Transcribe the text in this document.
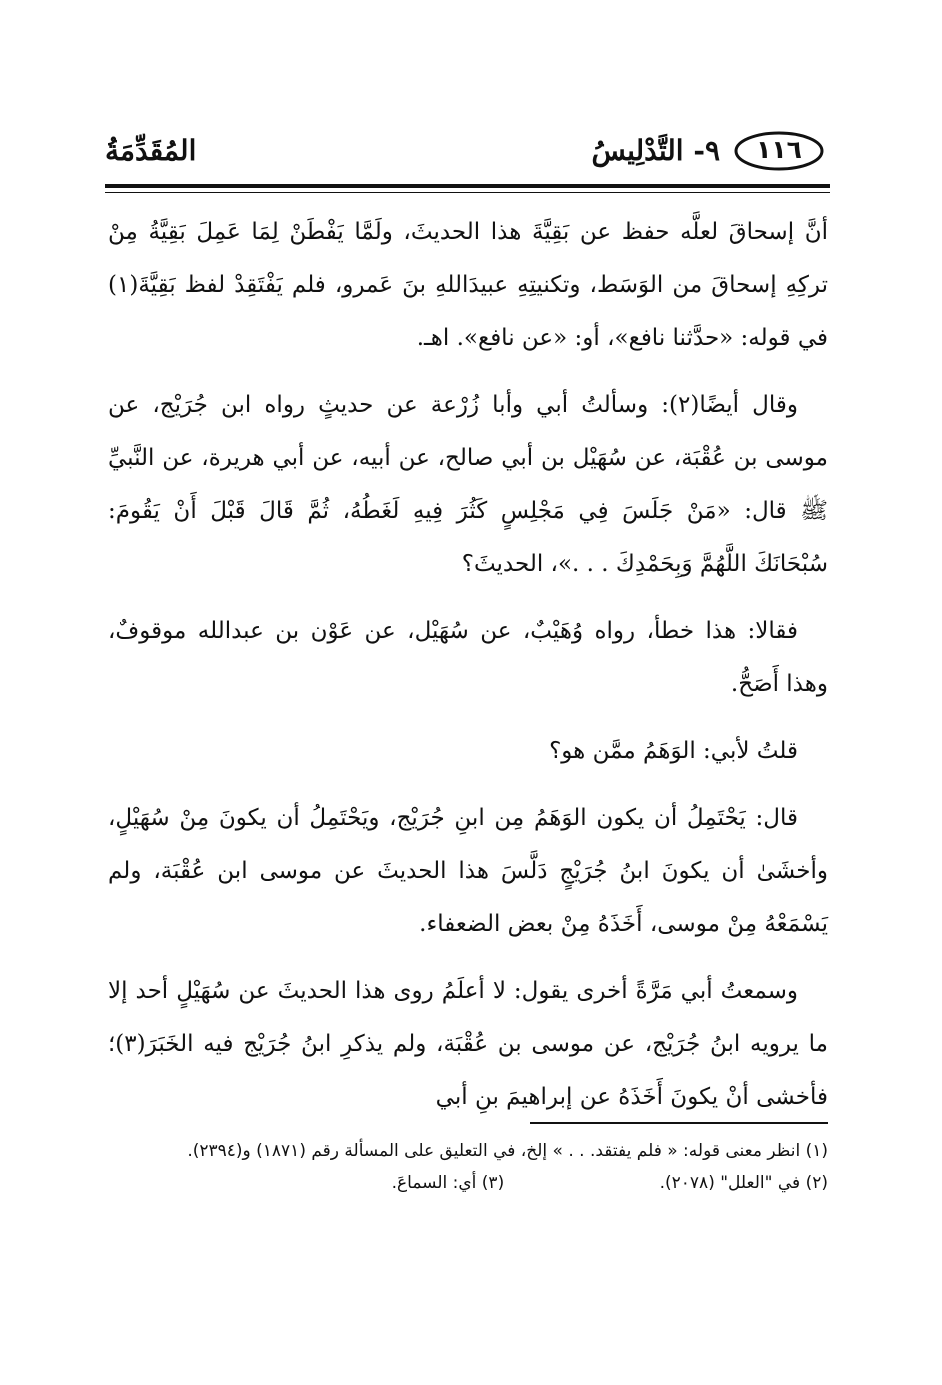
١١٦
٩- التَّدْلِيسُ
المُقَدِّمَةُ

أنَّ إسحاقَ لعلَّه حفظ عن بَقِيَّةَ هذا الحديثَ، ولَمَّا يَفْطَنْ لِمَا عَمِلَ بَقِيَّةُ مِنْ تركِهِ إسحاقَ من الوَسَط، وتكنيتِهِ عبيدَاللهِ بنَ عَمرو، فلم يَفْتَقِدْ لفظ بَقِيَّةَ(١) في قوله: «حدَّثنا نافع»، أو: «عن نافع». اهـ.

وقال أيضًا(٢): وسألتُ أبي وأبا زُرْعة عن حديثٍ رواه ابن جُرَيْج، عن موسى بن عُقْبَة، عن سُهَيْل بن أبي صالح، عن أبيه، عن أبي هريرة، عن النَّبيِّ ﷺ قال: «مَنْ جَلَسَ فِي مَجْلِسٍ كَثُرَ فِيهِ لَغَطُهُ، ثُمَّ قَالَ قَبْلَ أَنْ يَقُومَ: سُبْحَانَكَ اللَّهُمَّ وَبِحَمْدِكَ . . .»، الحديثَ؟

فقالا: هذا خطأ، رواه وُهَيْبٌ، عن سُهَيْل، عن عَوْن بن عبدالله موقوفٌ، وهذا أَصَحُّ.

قلتُ لأبي: الوَهَمُ ممَّن هو؟

قال: يَحْتَمِلُ أن يكون الوَهَمُ مِن ابنِ جُرَيْج، ويَحْتَمِلُ أن يكونَ مِنْ سُهَيْلٍ، وأخشَىٰ أن يكونَ ابنُ جُرَيْجٍ دَلَّسَ هذا الحديثَ عن موسى ابن عُقْبَة، ولم يَسْمَعْهُ مِنْ موسى، أَخَذَهُ مِنْ بعض الضعفاء.

وسمعتُ أبي مَرَّةً أخرى يقول: لا أعلَمُ روى هذا الحديثَ عن سُهَيْلٍ أحد إلا ما يرويه ابنُ جُرَيْج، عن موسى بن عُقْبَة، ولم يذكرِ ابنُ جُرَيْج فيه الخَبَرَ(٣)؛ فأخشى أنْ يكونَ أَخَذَهُ عن إبراهيمَ بنِ أبي

(١) انظر معنى قوله: « فلم يفتقد. . . » إلخ، في التعليق على المسألة رقم (١٨٧١) و(٢٣٩٤).
(٢) في "العلل" (٢٠٧٨). (٣) أي: السماعَ.
